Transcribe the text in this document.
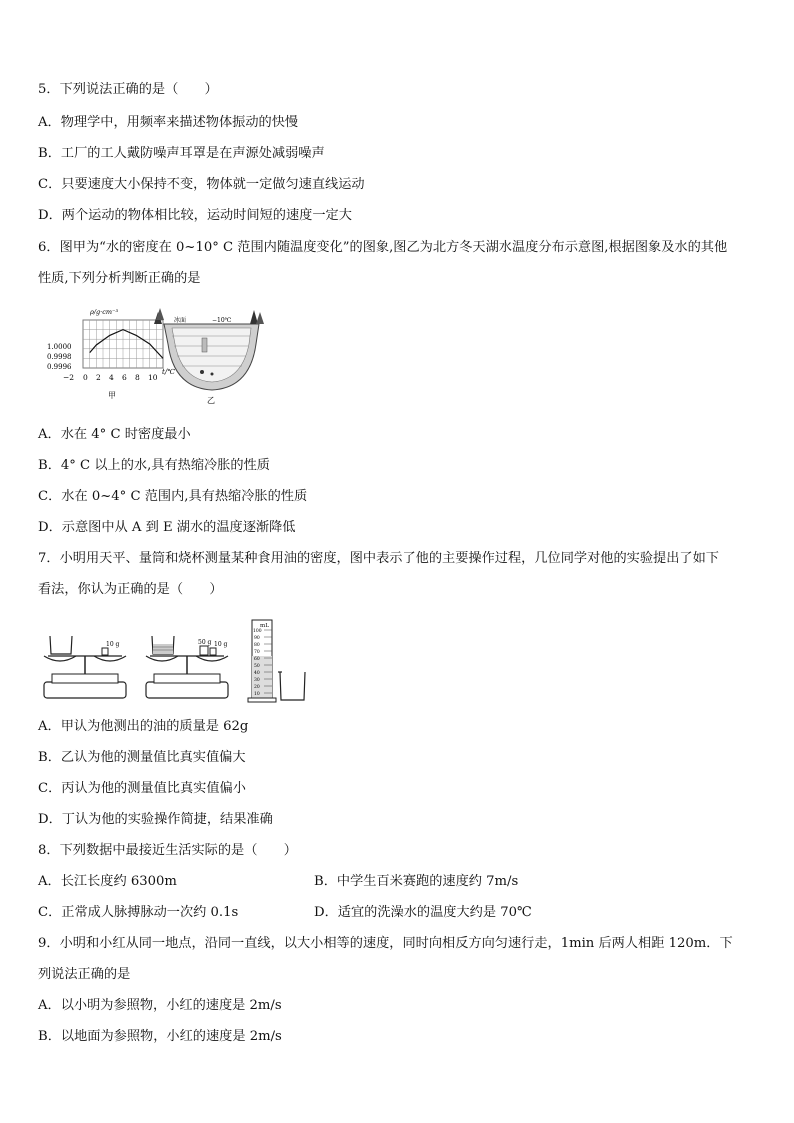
5．下列说法正确的是（　　）
A．物理学中，用频率来描述物体振动的快慢
B．工厂的工人戴防噪声耳罩是在声源处减弱噪声
C．只要速度大小保持不变，物体就一定做匀速直线运动
D．两个运动的物体相比较，运动时间短的速度一定大
6．图甲为“水的密度在 0~10° C 范围内随温度变化”的图象,图乙为北方冬天湖水温度分布示意图,根据图象及水的其他
性质,下列分析判断正确的是
ρ/g·cm⁻³
1.0000
0.9998
0.9996
−2 0 2 4 6 8 10
t/℃
甲
冰面	−10℃
乙
A．水在 4° C 时密度最小
B．4° C 以上的水,具有热缩冷胀的性质
C．水在 0~4° C 范围内,具有热缩冷胀的性质
D．示意图中从 A 到 E 湖水的温度逐渐降低
7．小明用天平、量筒和烧杯测量某种食用油的密度，图中表示了他的主要操作过程，几位同学对他的实验提出了如下
看法，你认为正确的是（　　）
10 g	50 g 10 g
mL
100
90
80
70
60
50
40
30
20
10
A．甲认为他测出的油的质量是 62g
B．乙认为他的测量值比真实值偏大
C．丙认为他的测量值比真实值偏小
D．丁认为他的实验操作简捷，结果准确
8．下列数据中最接近生活实际的是（　　）
A．长江长度约 6300m	B．中学生百米赛跑的速度约 7m/s
C．正常成人脉搏脉动一次约 0.1s	D．适宜的洗澡水的温度大约是 70℃
9．小明和小红从同一地点，沿同一直线，以大小相等的速度，同时向相反方向匀速行走，1min 后两人相距 120m．下
列说法正确的是
A．以小明为参照物，小红的速度是 2m/s
B．以地面为参照物，小红的速度是 2m/s
